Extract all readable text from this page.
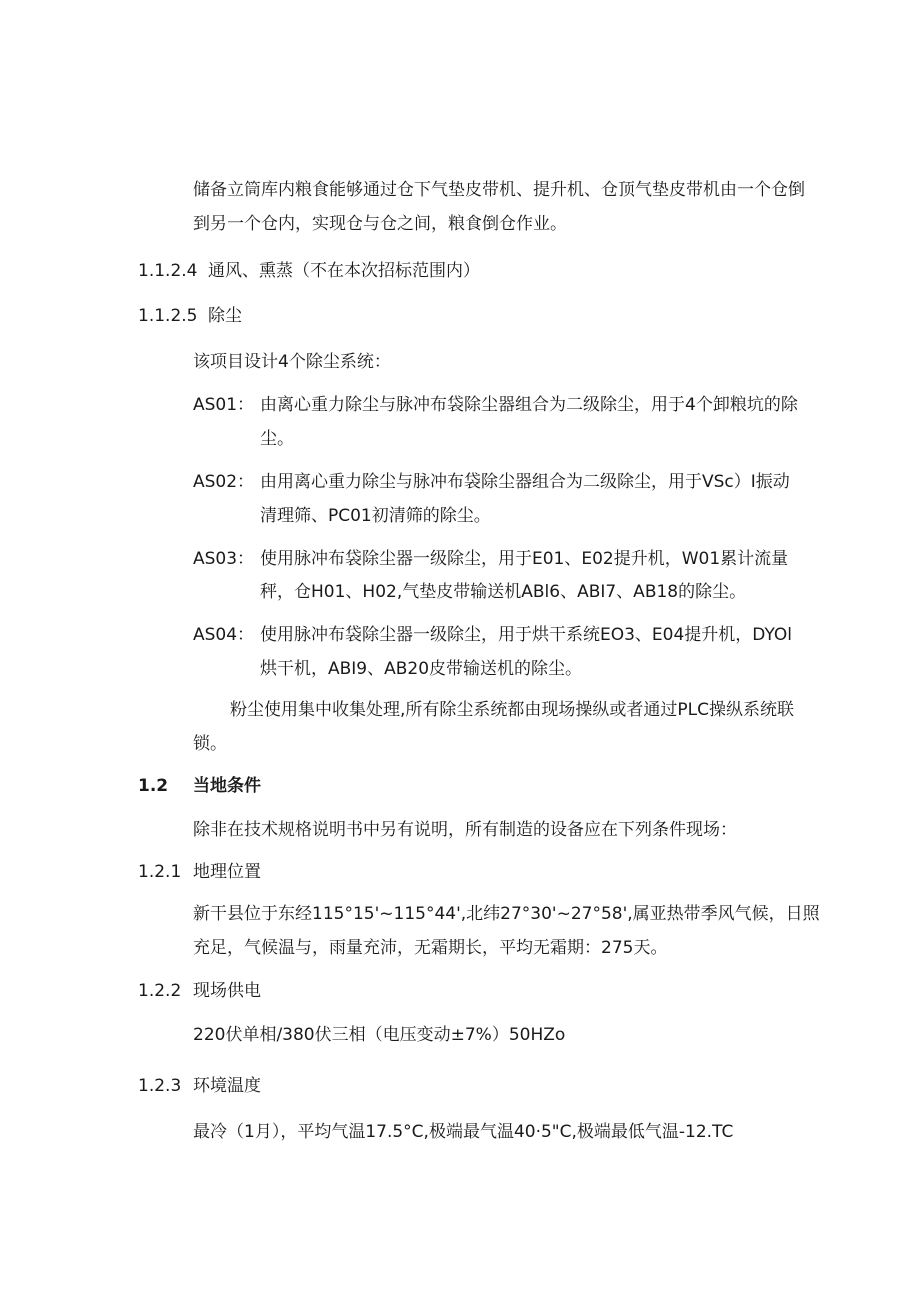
储备立筒库内粮食能够通过仓下气垫皮带机、提升机、仓顶气垫皮带机由一个仓倒
到另一个仓内，实现仓与仓之间，粮食倒仓作业。
1.1.2.4 通风、熏蒸（不在本次招标范围内）
1.1.2.5 除尘
该项目设计4个除尘系统：
AS01： 由离心重力除尘与脉冲布袋除尘器组合为二级除尘，用于4个卸粮坑的除
尘。
AS02： 由用离心重力除尘与脉冲布袋除尘器组合为二级除尘，用于VSc）I振动
清理筛、PC01初清筛的除尘。
AS03： 使用脉冲布袋除尘器一级除尘，用于E01、E02提升机，W01累计流量
秤，仓H01、H02,气垫皮带输送机ABl6、ABI7、AB18的除尘。
AS04： 使用脉冲布袋除尘器一级除尘，用于烘干系统EO3、E04提升机，DYOl
烘干机，ABI9、AB20皮带输送机的除尘。
粉尘使用集中收集处理,所有除尘系统都由现场操纵或者通过PLC操纵系统联
锁。
1.2 当地条件
除非在技术规格说明书中另有说明，所有制造的设备应在下列条件现场：
1.2.1 地理位置
新干县位于东经115°15'~115°44',北纬27°30'~27°58',属亚热带季风气候，日照
充足，气候温与，雨量充沛，无霜期长，平均无霜期：275天。
1.2.2 现场供电
220伏单相/380伏三相（电压变动±7%）50HZo
1.2.3 环境温度
最冷（1月），平均气温17.5°C,极端最气温40·5"C,极端最低气温-12.TC
